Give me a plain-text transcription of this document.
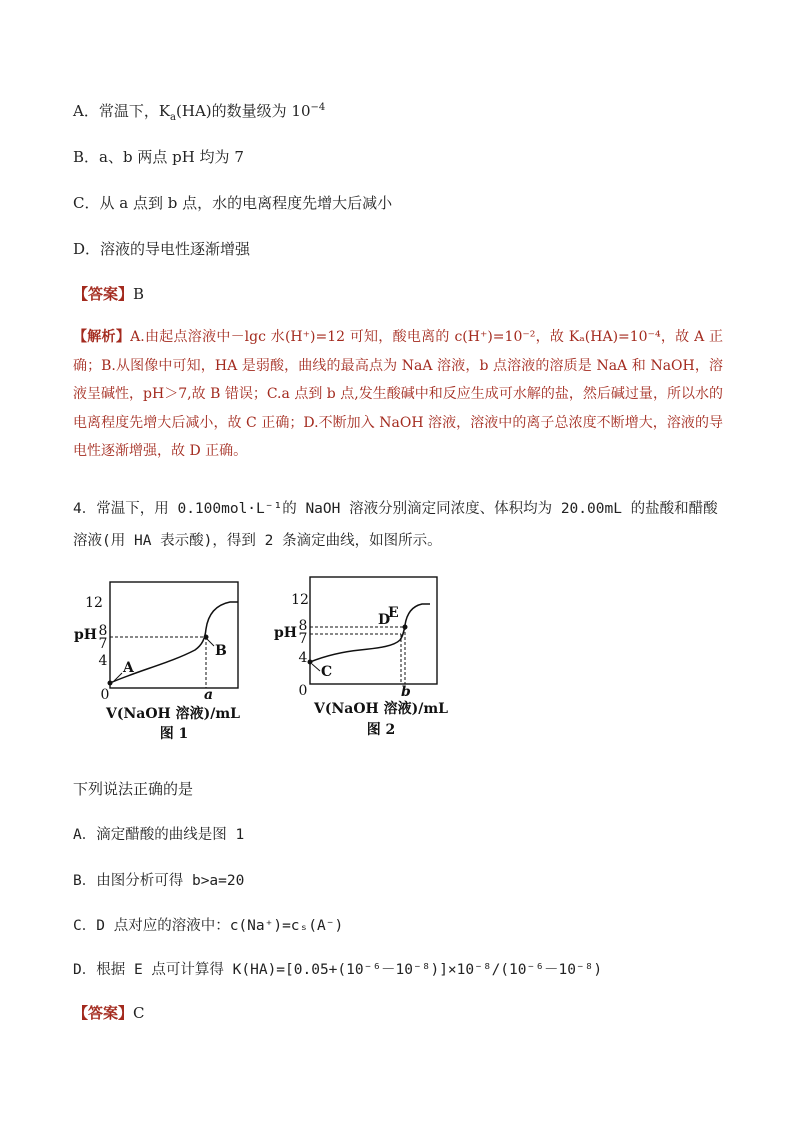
A．常温下，$K_a(HA)$的数量级为 $10^{-4}$
B．a、b 两点 pH 均为 7
C．从 a 点到 b 点，水的电离程度先增大后减小
D．溶液的导电性逐渐增强
【答案】B
【解析】A.由起点溶液中－lgc 水(H⁺)=12 可知，酸电离的 c(H⁺)=10⁻²，故 Kₐ(HA)=10⁻⁴，故 A 正确；B.从图像中可知，HA 是弱酸，曲线的最高点为 NaA 溶液，b 点溶液的溶质是 NaA 和 NaOH，溶液呈碱性，pH＞7,故 B 错误；C.a 点到 b 点,发生酸碱中和反应生成可水解的盐，然后碱过量，所以水的电离程度先增大后减小，故 C 正确；D.不断加入 NaOH 溶液，溶液中的离子总浓度不断增大，溶液的导电性逐渐增强，故 D 正确。
4．常温下，用 0.100mol·L⁻¹的 NaOH 溶液分别滴定同浓度、体积均为 20.00mL 的盐酸和醋酸
溶液(用 HA 表示酸)，得到 2 条滴定曲线，如图所示。
12
8
7
4
0
pH
A
B
a
V(NaOH 溶液)/mL
图 1
12
8
7
4
0
pH
C
D
E
b
V(NaOH 溶液)/mL
图 2
下列说法正确的是
A．滴定醋酸的曲线是图 1
B．由图分析可得 b>a=20
C．D 点对应的溶液中：c(Na⁺)=cₛ(A⁻)
D．根据 E 点可计算得 K(HA)=[0.05+(10⁻⁶－10⁻⁸)]×10⁻⁸/(10⁻⁶－10⁻⁸)
【答案】C
